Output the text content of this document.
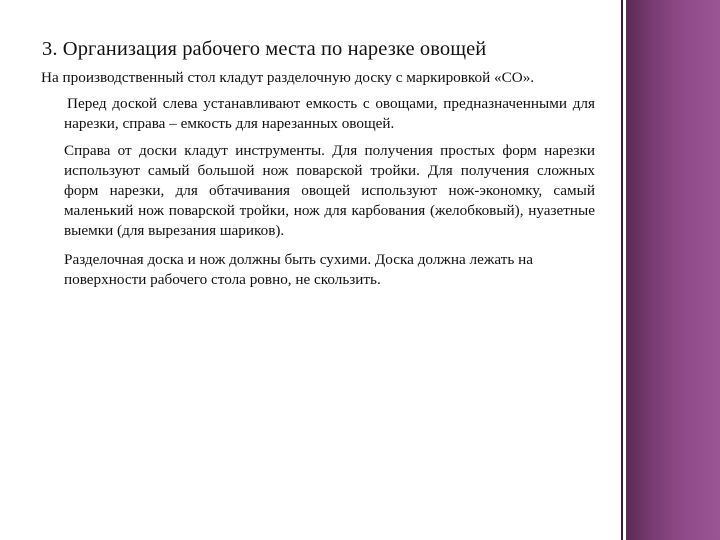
3. Организация рабочего места по нарезке овощей

На производственный стол кладут разделочную доску с маркировкой «СО».

Перед доской слева устанавливают емкость с овощами, предназначенными для нарезки, справа – емкость для нарезанных овощей.

Справа от доски кладут инструменты. Для получения простых форм нарезки используют самый большой нож поварской тройки. Для получения сложных форм нарезки, для обтачивания овощей используют нож-экономку, самый маленький нож поварской тройки, нож для карбования (желобковый), нуазетные выемки (для вырезания шариков).

Разделочная доска и нож должны быть сухими. Доска должна лежать на поверхности рабочего стола ровно, не скользить.
